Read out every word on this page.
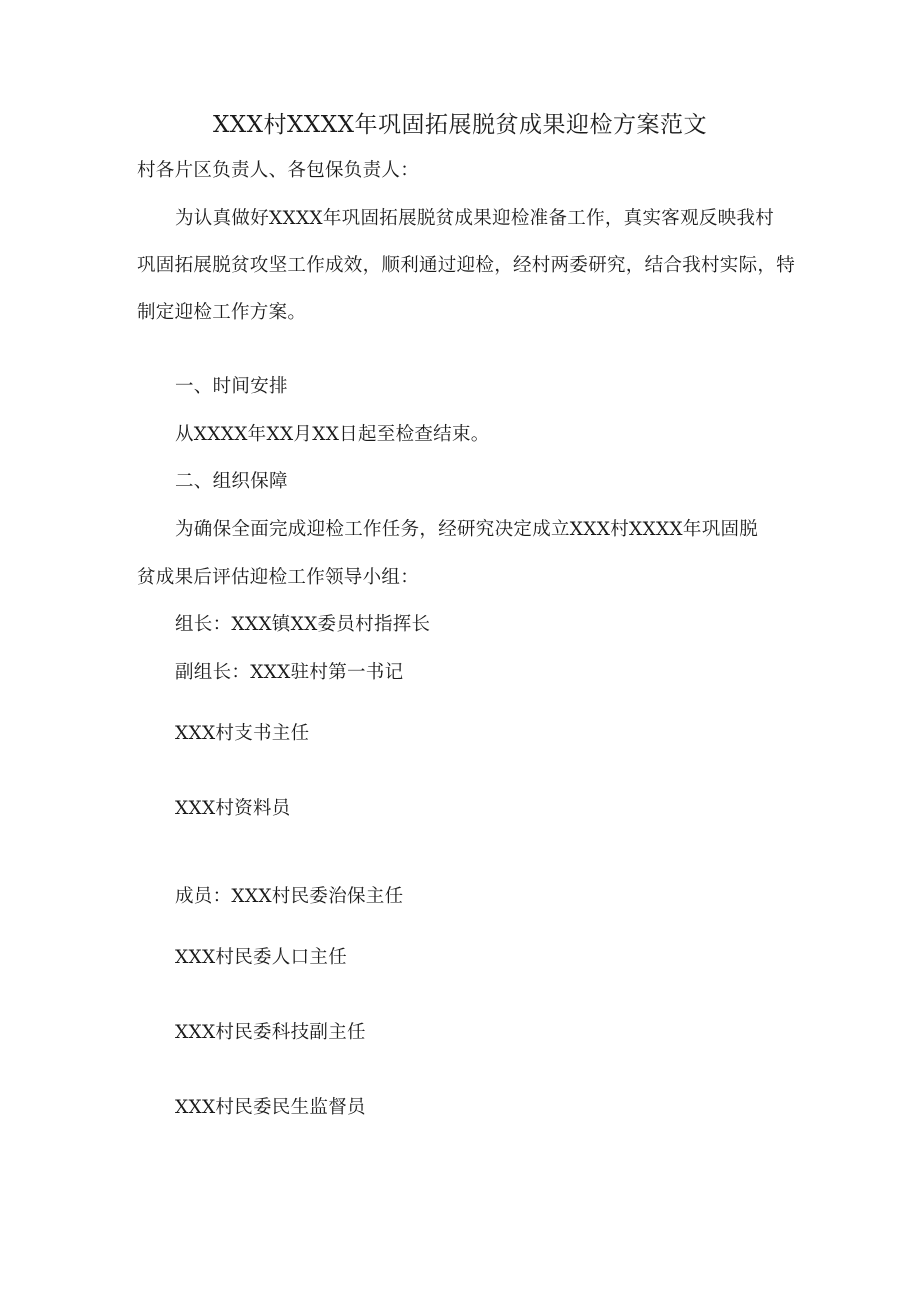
XXX村XXXX年巩固拓展脱贫成果迎检方案范文
村各片区负责人、各包保负责人：
为认真做好XXXX年巩固拓展脱贫成果迎检准备工作，真实客观反映我村
巩固拓展脱贫攻坚工作成效，顺利通过迎检，经村两委研究，结合我村实际，特
制定迎检工作方案。
一、时间安排
从XXXX年XX月XX日起至检查结束。
二、组织保障
为确保全面完成迎检工作任务，经研究决定成立XXX村XXXX年巩固脱
贫成果后评估迎检工作领导小组：
组长：XXX镇XX委员村指挥长
副组长：XXX驻村第一书记
XXX村支书主任
XXX村资料员
成员：XXX村民委治保主任
XXX村民委人口主任
XXX村民委科技副主任
XXX村民委民生监督员
